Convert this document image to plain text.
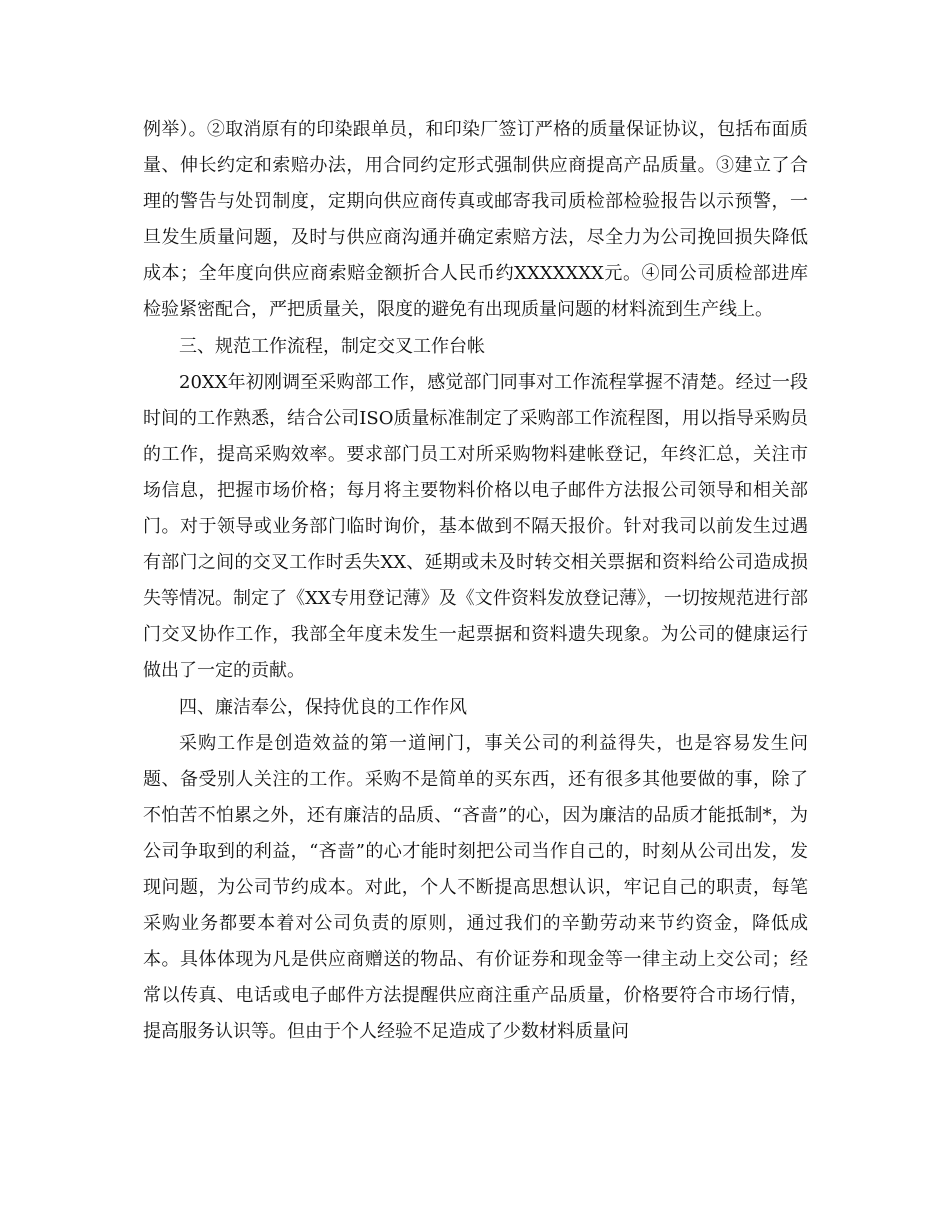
例举）。②取消原有的印染跟单员，和印染厂签订严格的质量保证协议，包括布面质量、伸长约定和索赔办法，用合同约定形式强制供应商提高产品质量。③建立了合理的警告与处罚制度，定期向供应商传真或邮寄我司质检部检验报告以示预警，一旦发生质量问题，及时与供应商沟通并确定索赔方法，尽全力为公司挽回损失降低成本；全年度向供应商索赔金额折合人民币约XXXXXXX元。④同公司质检部进库检验紧密配合，严把质量关，限度的避免有出现质量问题的材料流到生产线上。

三、规范工作流程，制定交叉工作台帐

20XX年初刚调至采购部工作，感觉部门同事对工作流程掌握不清楚。经过一段时间的工作熟悉，结合公司ISO质量标准制定了采购部工作流程图，用以指导采购员的工作，提高采购效率。要求部门员工对所采购物料建帐登记，年终汇总，关注市场信息，把握市场价格；每月将主要物料价格以电子邮件方法报公司领导和相关部门。对于领导或业务部门临时询价，基本做到不隔天报价。针对我司以前发生过遇有部门之间的交叉工作时丢失XX、延期或未及时转交相关票据和资料给公司造成损失等情况。制定了《XX专用登记薄》及《文件资料发放登记薄》，一切按规范进行部门交叉协作工作，我部全年度未发生一起票据和资料遗失现象。为公司的健康运行做出了一定的贡献。

四、廉洁奉公，保持优良的工作作风

采购工作是创造效益的第一道闸门，事关公司的利益得失，也是容易发生问题、备受别人关注的工作。采购不是简单的买东西，还有很多其他要做的事，除了不怕苦不怕累之外，还有廉洁的品质、“吝啬”的心，因为廉洁的品质才能抵制*，为公司争取到的利益，“吝啬”的心才能时刻把公司当作自己的，时刻从公司出发，发现问题，为公司节约成本。对此，个人不断提高思想认识，牢记自己的职责，每笔采购业务都要本着对公司负责的原则，通过我们的辛勤劳动来节约资金，降低成本。具体体现为凡是供应商赠送的物品、有价证券和现金等一律主动上交公司；经常以传真、电话或电子邮件方法提醒供应商注重产品质量，价格要符合市场行情，提高服务认识等。但由于个人经验不足造成了少数材料质量问
